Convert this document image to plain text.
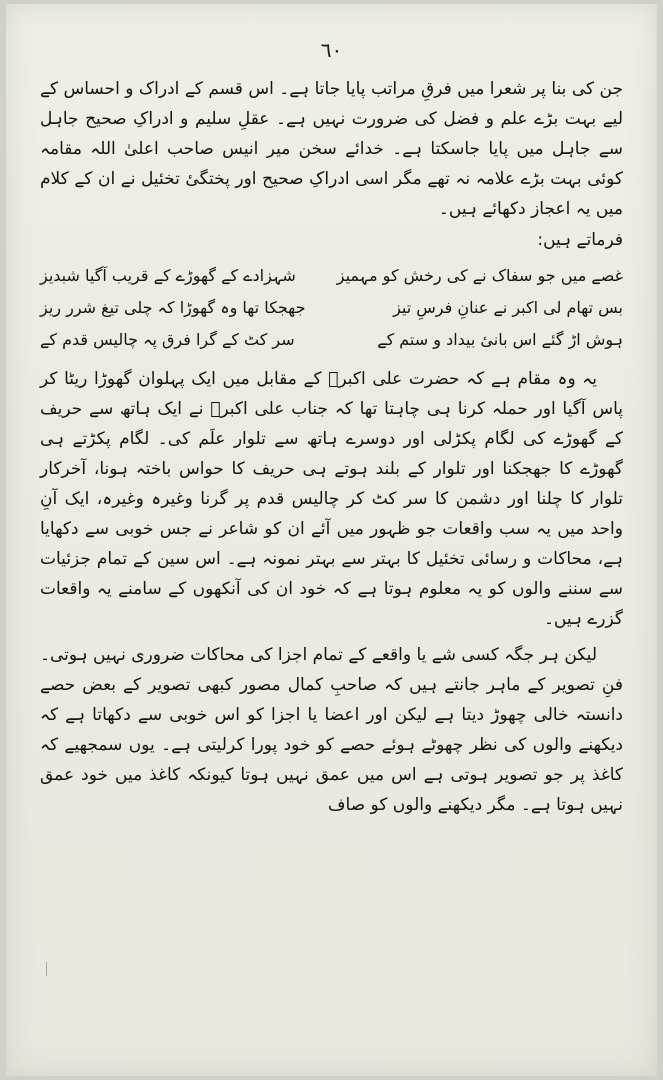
٦٠

جن کی بنا پر شعرا میں فرقِ مراتب پایا جاتا ہے۔ اس قسم کے ادراک و احساس کے لیے بہت بڑے علم و فضل کی ضرورت نہیں ہے۔ عقلِ سلیم و ادراکِ صحیح جاہل سے جاہل میں پایا جاسکتا ہے۔ خدائے سخن میر انیس صاحب اعلیٰ اللہ مقامہ کوئی بہت بڑے علامہ نہ تھے مگر اسی ادراکِ صحیح اور پختگیٔ تخئیل نے ان کے کلام میں یہ اعجاز دکھائے ہیں۔

فرماتے ہیں:
غصے میں جو سفاک نے کی رخش کو مہمیز
شہزادے کے گھوڑے کے قریب آگیا شبدیز
بس تھام لی اکبر نے عنانِ فرسِ تیز
جھجکا تھا وہ گھوڑا کہ چلی تیغ شرر ریز
ہوش اڑ گئے اس بانیٔ بیداد و ستم کے
سر کٹ کے گرا فرق پہ چالیس قدم کے

یہ وہ مقام ہے کہ حضرت علی اکبرؑ کے مقابل میں ایک پہلوان گھوڑا ریٹا کر پاس آگیا اور حملہ کرنا ہی چاہتا تھا کہ جناب علی اکبرؑ نے ایک ہاتھ سے حریف کے گھوڑے کی لگام پکڑلی اور دوسرے ہاتھ سے تلوار علَم کی۔ لگام پکڑتے ہی گھوڑے کا جھجکنا اور تلوار کے بلند ہوتے ہی حریف کا حواس باختہ ہونا، آخرکار تلوار کا چلنا اور دشمن کا سر کٹ کر چالیس قدم پر گرنا وغیرہ وغیرہ، ایک آنِ واحد میں یہ سب واقعات جو ظہور میں آئے ان کو شاعر نے جس خوبی سے دکھایا ہے، محاکات و رسائی تخئیل کا بہتر سے بہتر نمونہ ہے۔ اس سین کے تمام جزئیات سے سننے والوں کو یہ معلوم ہوتا ہے کہ خود ان کی آنکھوں کے سامنے یہ واقعات گزرے ہیں۔

لیکن ہر جگہ کسی شے یا واقعے کے تمام اجزا کی محاکات ضروری نہیں ہوتی۔ فنِ تصویر کے ماہر جانتے ہیں کہ صاحبِ کمال مصور کبھی تصویر کے بعض حصے دانستہ خالی چھوڑ دیتا ہے لیکن اور اعضا یا اجزا کو اس خوبی سے دکھاتا ہے کہ دیکھنے والوں کی نظر چھوٹے ہوئے حصے کو خود پورا کرلیتی ہے۔ یوں سمجھیے کہ کاغذ پر جو تصویر ہوتی ہے اس میں عمق نہیں ہوتا کیونکہ کاغذ میں خود عمق نہیں ہوتا ہے۔ مگر دیکھنے والوں کو صاف
